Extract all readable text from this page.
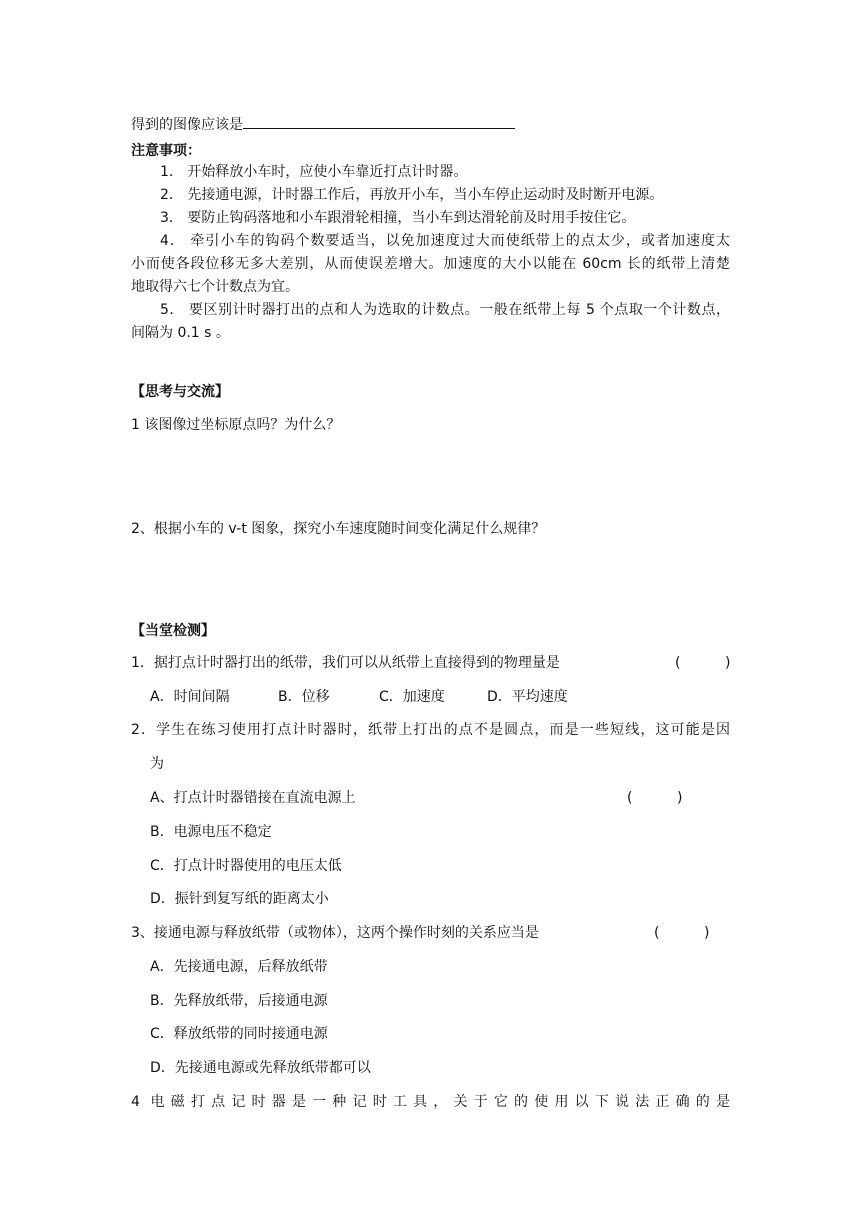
得到的图像应该是
注意事项：
1． 开始释放小车时，应使小车靠近打点计时器。
2． 先接通电源，计时器工作后，再放开小车，当小车停止运动时及时断开电源。
3． 要防止钩码落地和小车跟滑轮相撞，当小车到达滑轮前及时用手按住它。
4． 牵引小车的钩码个数要适当，以免加速度过大而使纸带上的点太少，或者加速度太
小而使各段位移无多大差别，从而使误差增大。加速度的大小以能在 60cm 长的纸带上清楚
地取得六七个计数点为宜。
5． 要区别计时器打出的点和人为选取的计数点。一般在纸带上每 5 个点取一个计数点，
间隔为 0.1 s 。
【思考与交流】
1 该图像过坐标原点吗？为什么？
2、根据小车的 v-t 图象，探究小车速度随时间变化满足什么规律？
【当堂检测】
1．据打点计时器打出的纸带，我们可以从纸带上直接得到的物理量是	(          )
A．时间间隔	B．位移	C．加速度	D．平均速度
2．学生在练习使用打点计时器时，纸带上打出的点不是圆点，而是一些短线，这可能是因
为
A、打点计时器错接在直流电源上	(          )
B．电源电压不稳定
C．打点计时器使用的电压太低
D．振针到复写纸的距离太小
3、接通电源与释放纸带（或物体），这两个操作时刻的关系应当是	(          )
A．先接通电源，后释放纸带
B．先释放纸带，后接通电源
C．释放纸带的同时接通电源
D．先接通电源或先释放纸带都可以
4 电磁打点记时器是一种记时工具，关于它的使用以下说法正确的是
